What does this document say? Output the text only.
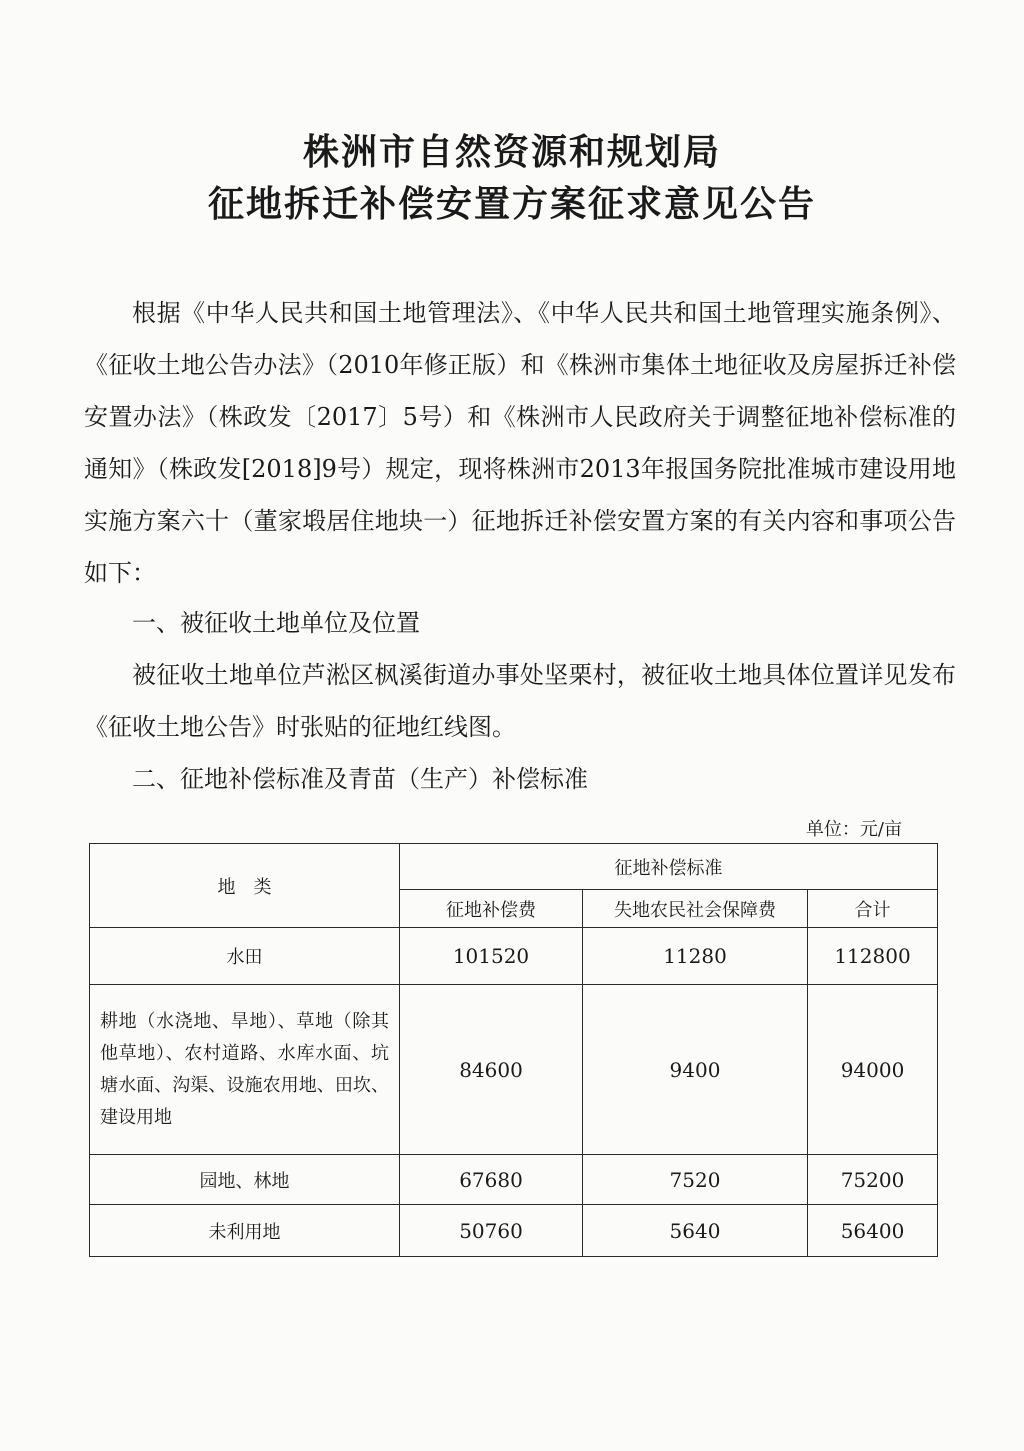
株洲市自然资源和规划局
征地拆迁补偿安置方案征求意见公告

根据《中华人民共和国土地管理法》、《中华人民共和国土地管理实施条例》、《征收土地公告办法》（2010年修正版）和《株洲市集体土地征收及房屋拆迁补偿安置办法》（株政发〔2017〕5号）和《株洲市人民政府关于调整征地补偿标准的通知》（株政发[2018]9号）规定，现将株洲市2013年报国务院批准城市建设用地实施方案六十（董家塅居住地块一）征地拆迁补偿安置方案的有关内容和事项公告如下：

一、被征收土地单位及位置

被征收土地单位芦淞区枫溪街道办事处坚栗村，被征收土地具体位置详见发布《征收土地公告》时张贴的征地红线图。

二、征地补偿标准及青苗（生产）补偿标准

单位：元/亩
地　类	征地补偿标准		
	征地补偿费	失地农民社会保障费	合计
水田	101520	11280	112800
耕地（水浇地、旱地）、草地（除其他草地）、农村道路、水库水面、坑塘水面、沟渠、设施农用地、田坎、建设用地	84600	9400	94000
园地、林地	67680	7520	75200
未利用地	50760	5640	56400
